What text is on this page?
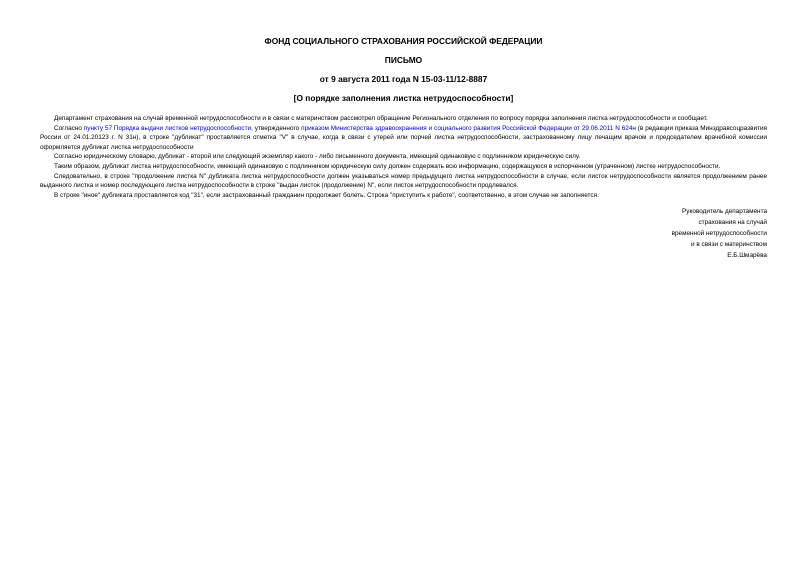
ФОНД СОЦИАЛЬНОГО СТРАХОВАНИЯ РОССИЙСКОЙ ФЕДЕРАЦИИ
ПИСЬМО
от 9 августа 2011 года N 15-03-11/12-8887
[О порядке заполнения листка нетрудоспособности]

Департамент страхования на случай временной нетрудоспособности и в связи с материнством рассмотрел обращение Регионального отделения по вопросу порядка заполнения листка нетрудоспособности и сообщает.

Согласно пункту 57 Порядка выдачи листков нетрудоспособности, утвержденного приказом Министерства здравоохранения и социального развития Российской Федерации от 29.06.2011 N 624н (в редакции приказа Минздравсоцразвития России от 24.01.20123 г. N 31н), в строке "дубликат" проставляется отметка "V" в случае, когда в связи с утерей или порчей листка нетрудоспособности, застрахованному лицу лечащим врачом и председателем врачебной комиссии оформляется дубликат листка нетрудоспособности

Согласно юридическому словарю, дубликат - второй или следующий экземпляр какого - либо письменного документа, имеющий одинаковую с подлинником юридическую силу.

Таким образом, дубликат листка нетрудоспособности, имеющий одинаковую с подлинником юридическую силу должен содержать всю информацию, содержащуюся в испорченном (утраченном) листке нетрудоспособности.

Следовательно, в строке "продолжение листка N" дубликата листка нетрудоспособности должен указываться номер предыдущего листка нетрудоспособности в случае, если листок нетрудоспособности является продолжением ранее выданного листка и номер последующего листка нетрудоспособности в строке "выдан листок (продолжение) N", если листок нетрудоспособности продлевался.

В строке "иное" дубликата проставляется код "31", если застрахованный гражданин продолжает болеть. Строка "приступить к работе", соответственно, в этом случае не заполняется.

Руководитель департамента
страхования на случай
временной нетрудоспособности
и в связи с материнством
Е.Б.Шмарёва
